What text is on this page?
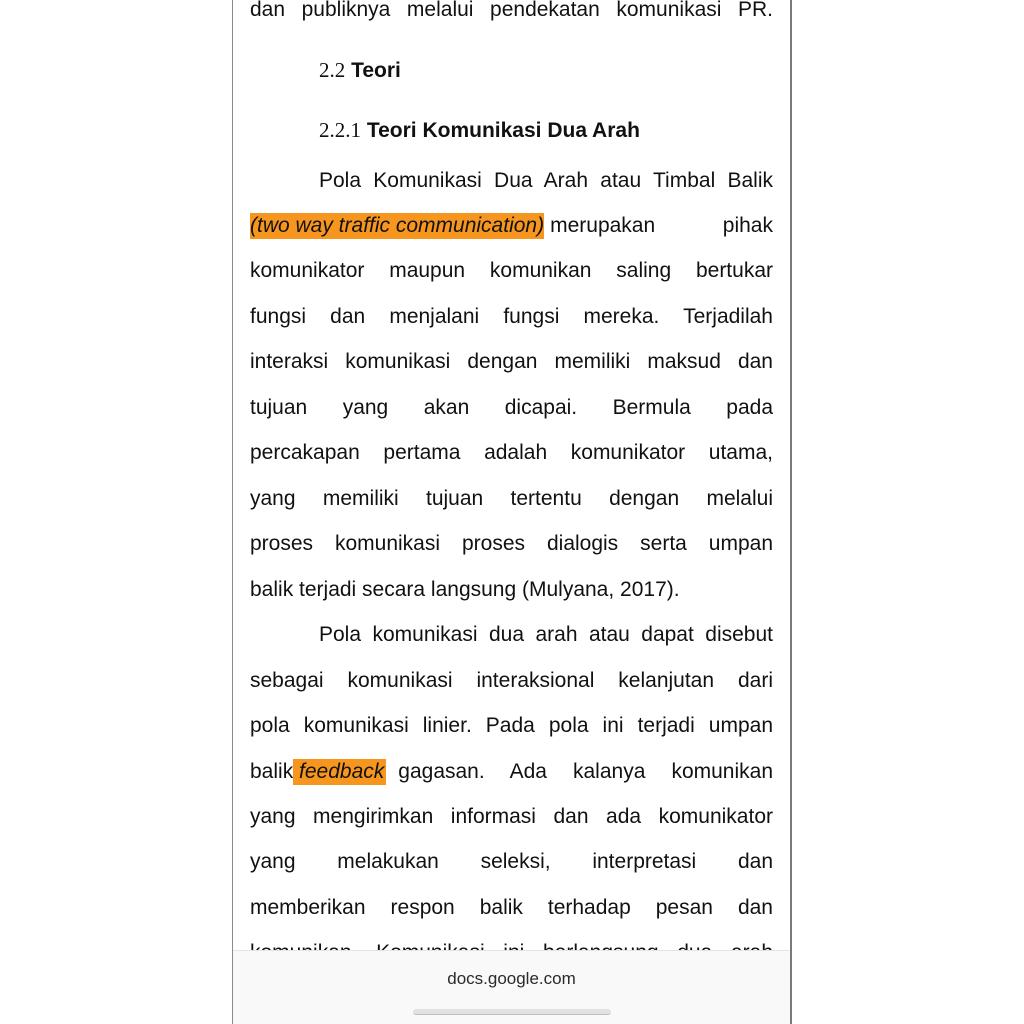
dan publiknya melalui pendekatan komunikasi PR.
2.2 Teori
2.2.1 Teori Komunikasi Dua Arah
Pola Komunikasi Dua Arah atau Timbal Balik
(two way traffic communication) merupakan pihak
komunikator maupun komunikan saling bertukar
fungsi dan menjalani fungsi mereka. Terjadilah
interaksi komunikasi dengan memiliki maksud dan
tujuan yang akan dicapai. Bermula pada
percakapan pertama adalah komunikator utama,
yang memiliki tujuan tertentu dengan melalui
proses komunikasi proses dialogis serta umpan
balik terjadi secara langsung (Mulyana, 2017).
Pola komunikasi dua arah atau dapat disebut
sebagai komunikasi interaksional kelanjutan dari
pola komunikasi linier. Pada pola ini terjadi umpan
balik feedback gagasan. Ada kalanya komunikan
yang mengirimkan informasi dan ada komunikator
yang melakukan seleksi, interpretasi dan
memberikan respon balik terhadap pesan dan
docs.google.com
